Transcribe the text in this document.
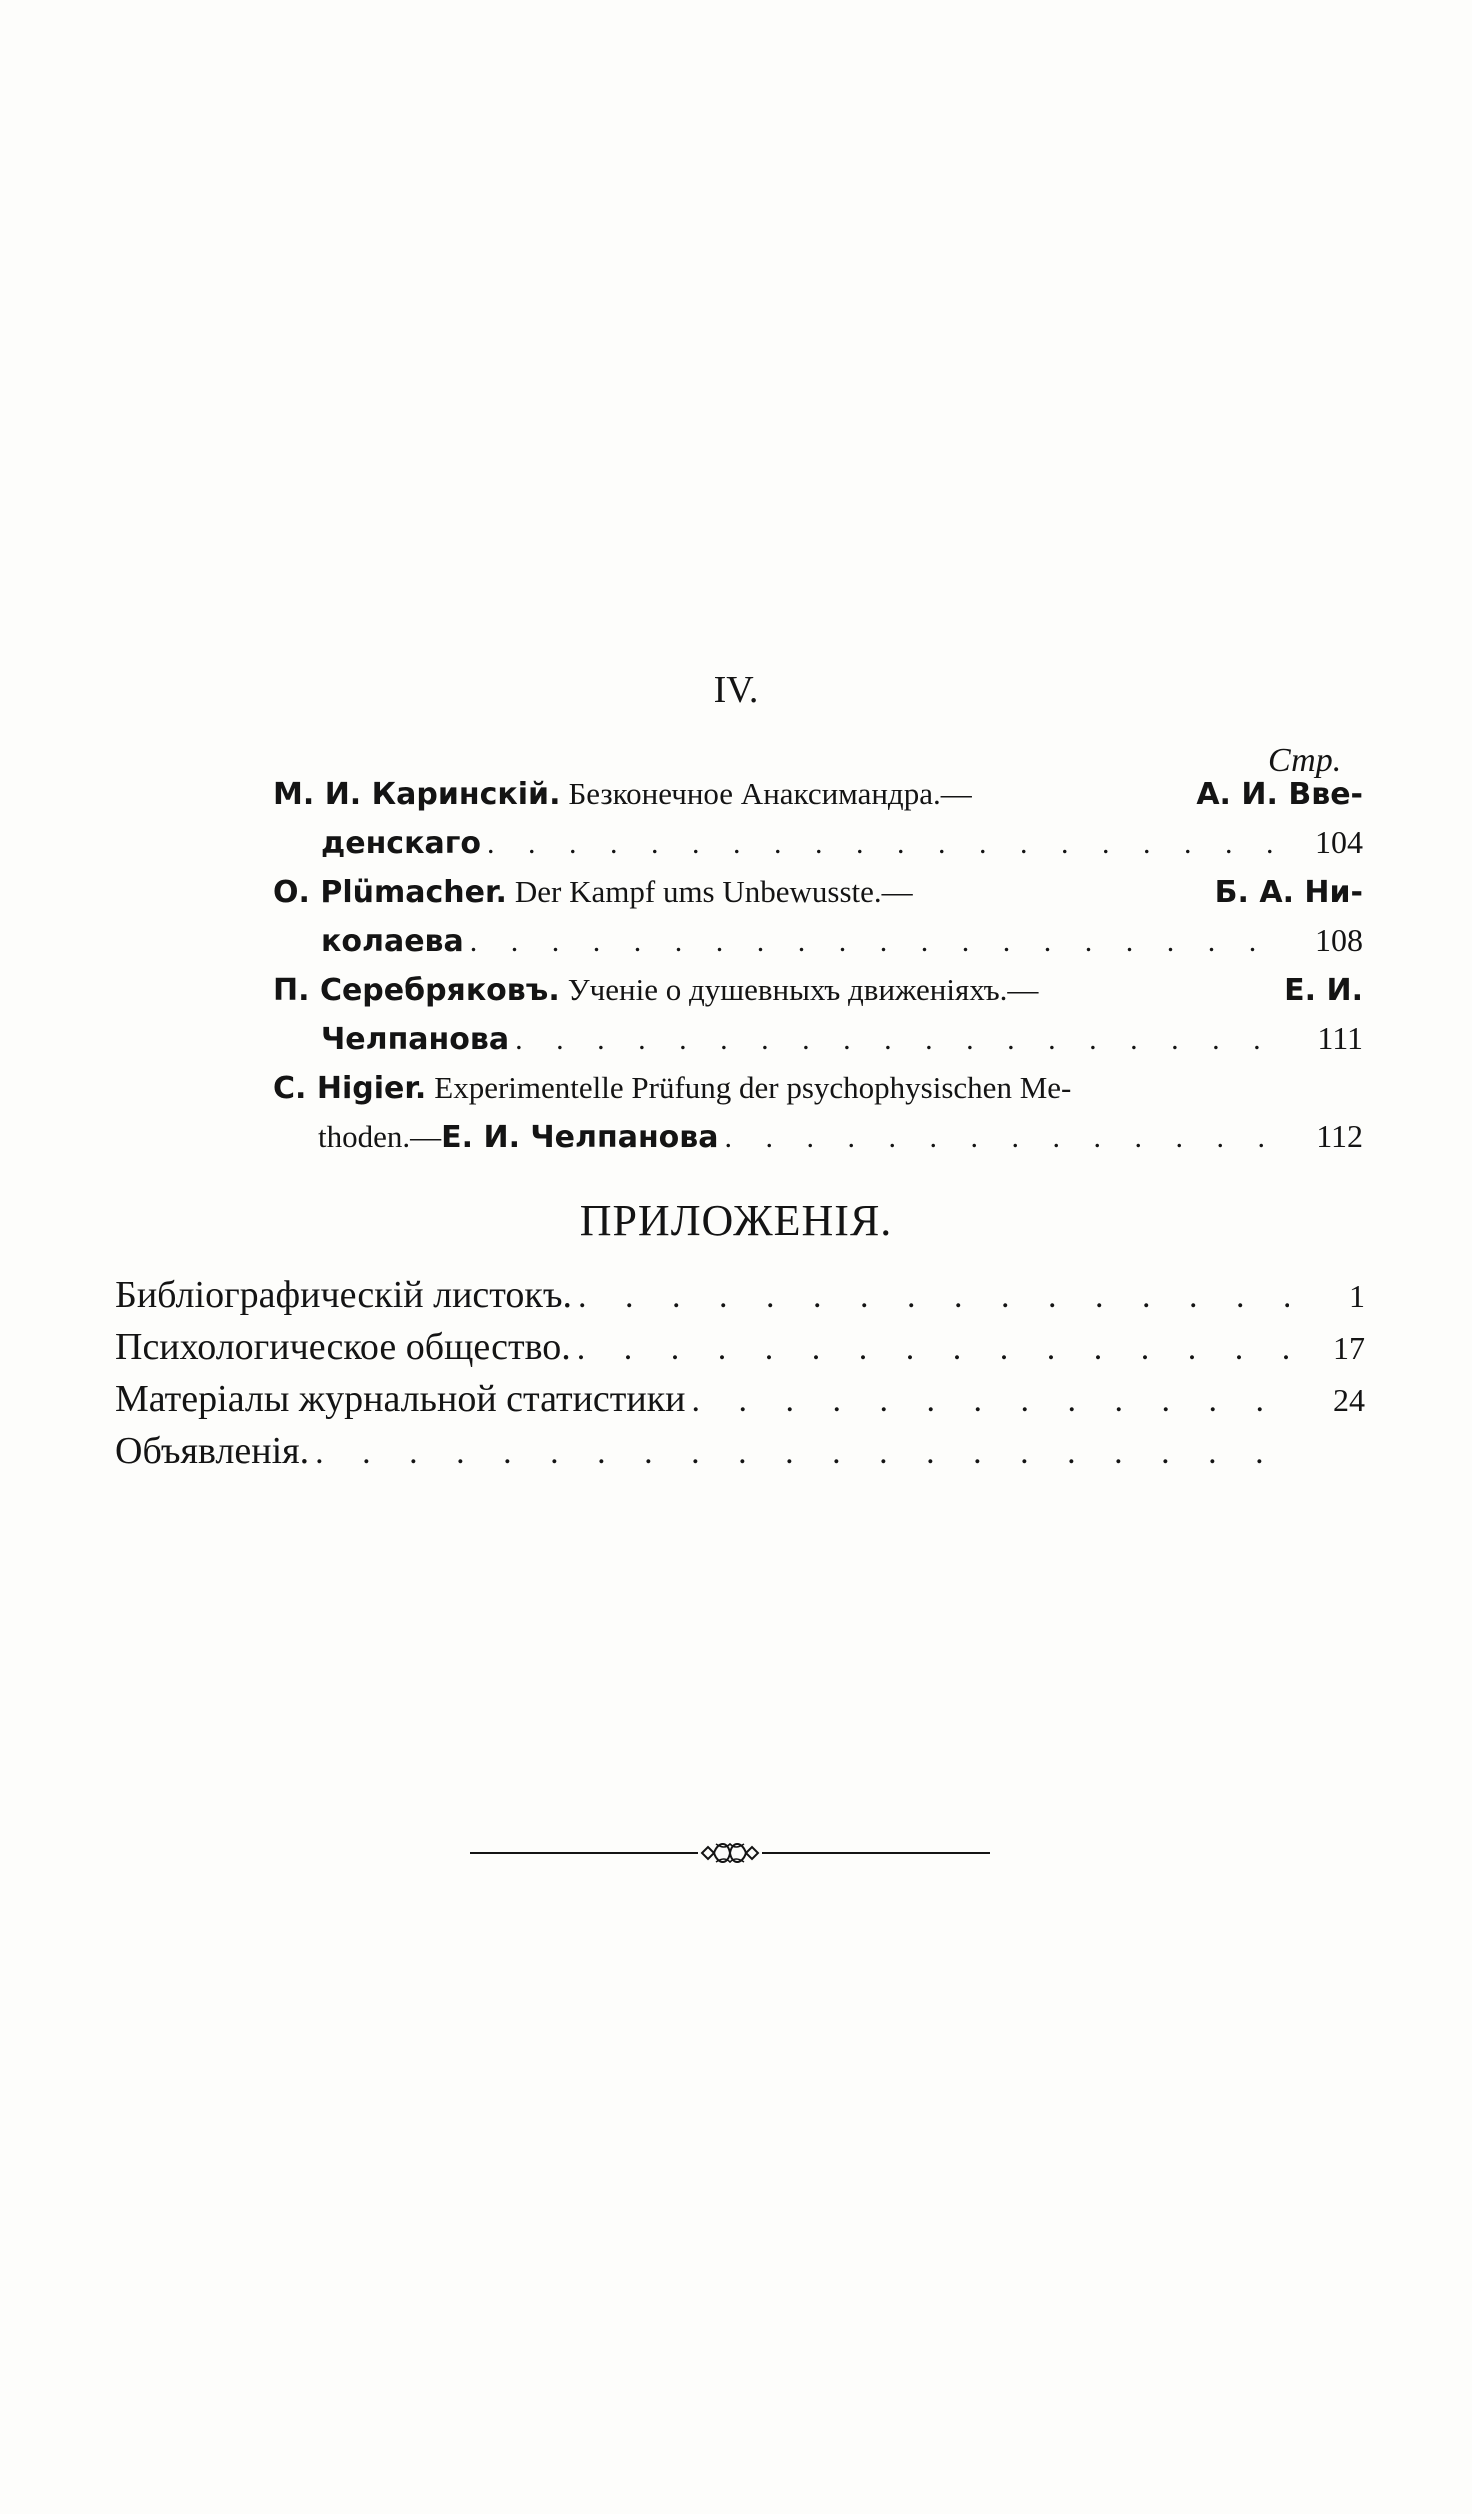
IV.
Стр.
М. И. Каринскій. Безконечное Анаксимандра.—	А. И. Вве-
денскаго . . .	104
О. Plümacher. Der Kampf ums Unbewusste.—	Б. А. Ни-
колаева . . .	108
П. Серебряковъ. Ученіе о душевныхъ движеніяхъ.—	Е. И.
Челпанова . . .	111
С. Higier. Experimentelle Prüfung der psychophysischen Me-
thoden.— Е. И. Челпанова . . .	112
ПРИЛОЖЕНІЯ.
Библіографическій листокъ. . . .	1
Психологическое общество. . . .	17
Матеріалы журнальной статистики . . .	24
Объявленія.
. . .
